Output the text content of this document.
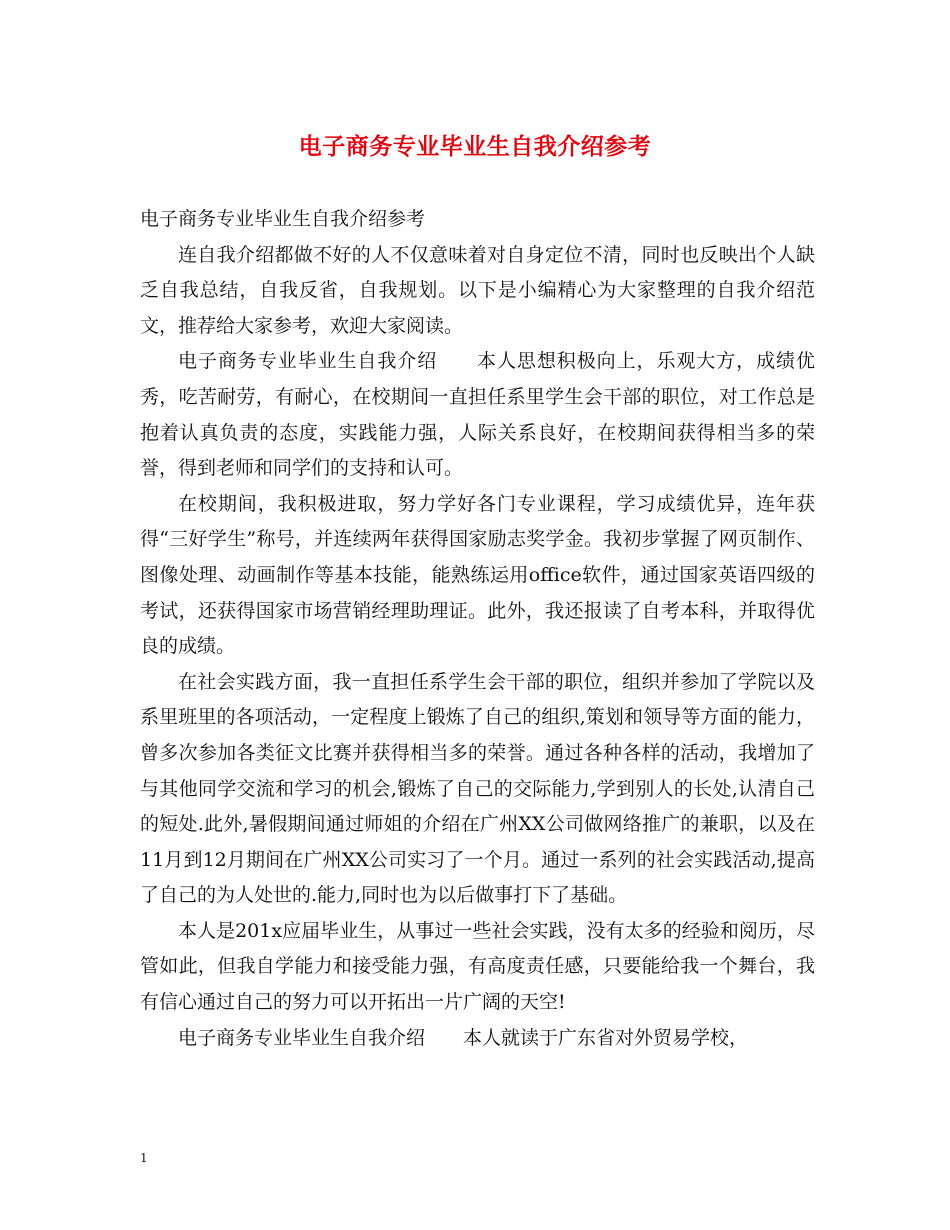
电子商务专业毕业生自我介绍参考

电子商务专业毕业生自我介绍参考

连自我介绍都做不好的人不仅意味着对自身定位不清，同时也反映出个人缺乏自我总结，自我反省，自我规划。以下是小编精心为大家整理的自我介绍范文，推荐给大家参考，欢迎大家阅读。

电子商务专业毕业生自我介绍　　本人思想积极向上，乐观大方，成绩优秀，吃苦耐劳，有耐心，在校期间一直担任系里学生会干部的职位，对工作总是抱着认真负责的态度，实践能力强，人际关系良好，在校期间获得相当多的荣誉，得到老师和同学们的支持和认可。

在校期间，我积极进取，努力学好各门专业课程，学习成绩优异，连年获得“三好学生”称号，并连续两年获得国家励志奖学金。我初步掌握了网页制作、图像处理、动画制作等基本技能，能熟练运用office软件，通过国家英语四级的考试，还获得国家市场营销经理助理证。此外，我还报读了自考本科，并取得优良的成绩。

在社会实践方面，我一直担任系学生会干部的职位，组织并参加了学院以及系里班里的各项活动，一定程度上锻炼了自己的组织,策划和领导等方面的能力，曾多次参加各类征文比赛并获得相当多的荣誉。通过各种各样的活动，我增加了与其他同学交流和学习的机会,锻炼了自己的交际能力,学到别人的长处,认清自己的短处.此外,暑假期间通过师姐的介绍在广州XX公司做网络推广的兼职，以及在11月到12月期间在广州XX公司实习了一个月。通过一系列的社会实践活动,提高了自己的为人处世的.能力,同时也为以后做事打下了基础。

本人是201x应届毕业生，从事过一些社会实践，没有太多的经验和阅历，尽管如此，但我自学能力和接受能力强，有高度责任感，只要能给我一个舞台，我有信心通过自己的努力可以开拓出一片广阔的天空!

电子商务专业毕业生自我介绍　　本人就读于广东省对外贸易学校，

1
